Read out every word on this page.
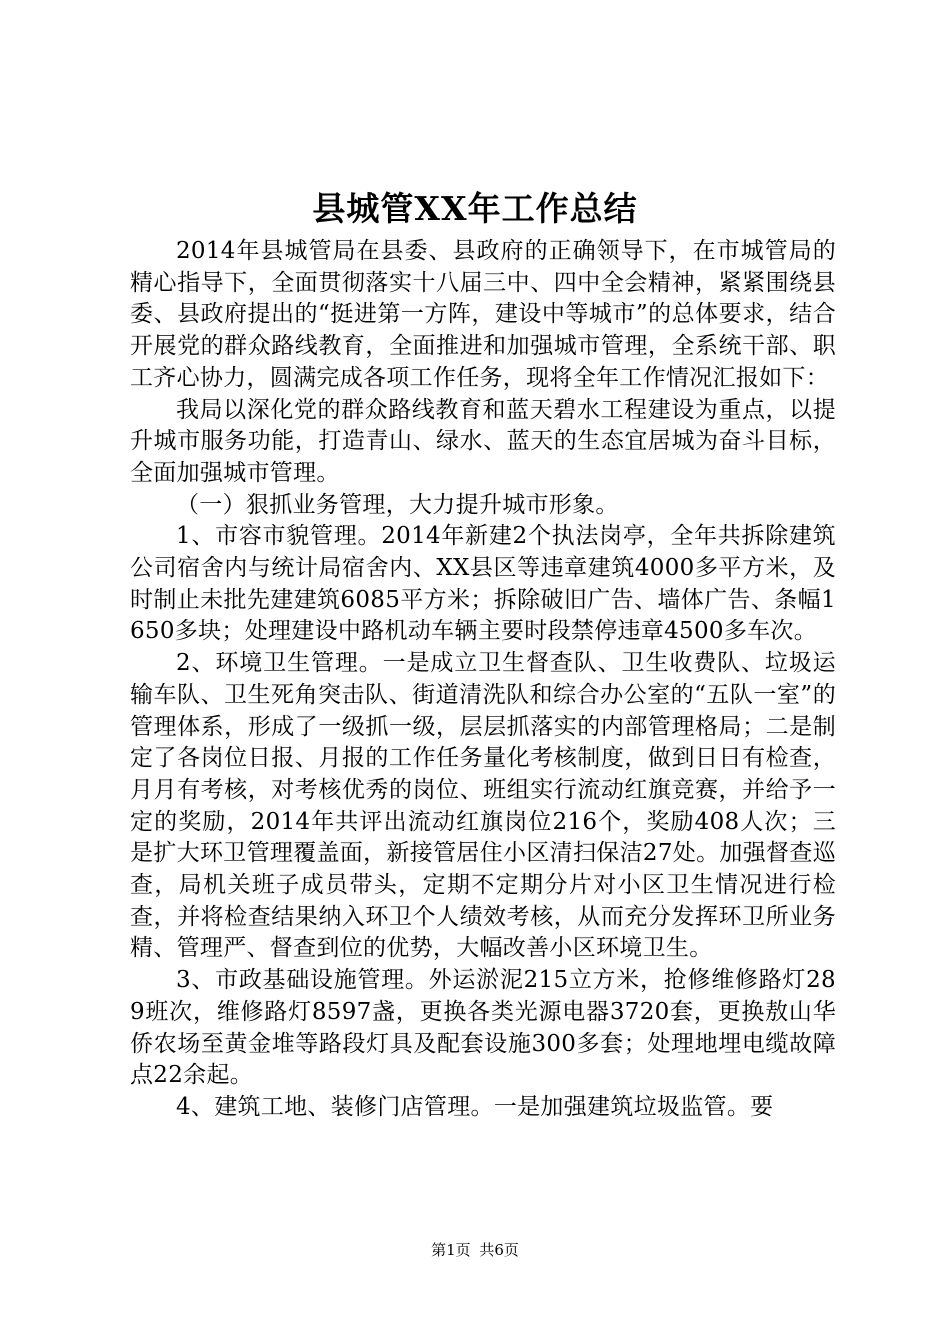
县城管XX年工作总结

2014年县城管局在县委、县政府的正确领导下，在市城管局的精心指导下，全面贯彻落实十八届三中、四中全会精神，紧紧围绕县委、县政府提出的“挺进第一方阵，建设中等城市”的总体要求，结合开展党的群众路线教育，全面推进和加强城市管理，全系统干部、职工齐心协力，圆满完成各项工作任务，现将全年工作情况汇报如下：

我局以深化党的群众路线教育和蓝天碧水工程建设为重点，以提升城市服务功能，打造青山、绿水、蓝天的生态宜居城为奋斗目标，全面加强城市管理。

（一）狠抓业务管理，大力提升城市形象。

1、市容市貌管理。2014年新建2个执法岗亭，全年共拆除建筑公司宿舍内与统计局宿舍内、XX县区等违章建筑4000多平方米，及时制止未批先建建筑6085平方米；拆除破旧广告、墙体广告、条幅1650多块；处理建设中路机动车辆主要时段禁停违章4500多车次。

2、环境卫生管理。一是成立卫生督查队、卫生收费队、垃圾运输车队、卫生死角突击队、街道清洗队和综合办公室的“五队一室”的管理体系，形成了一级抓一级，层层抓落实的内部管理格局；二是制定了各岗位日报、月报的工作任务量化考核制度，做到日日有检查，月月有考核，对考核优秀的岗位、班组实行流动红旗竞赛，并给予一定的奖励，2014年共评出流动红旗岗位216个，奖励408人次；三是扩大环卫管理覆盖面，新接管居住小区清扫保洁27处。加强督查巡查，局机关班子成员带头，定期不定期分片对小区卫生情况进行检查，并将检查结果纳入环卫个人绩效考核，从而充分发挥环卫所业务精、管理严、督查到位的优势，大幅改善小区环境卫生。

3、市政基础设施管理。外运淤泥215立方米，抢修维修路灯289班次，维修路灯8597盏，更换各类光源电器3720套，更换敖山华侨农场至黄金堆等路段灯具及配套设施300多套；处理地埋电缆故障点22余起。

4、建筑工地、装修门店管理。一是加强建筑垃圾监管。要

第1页 共6页
